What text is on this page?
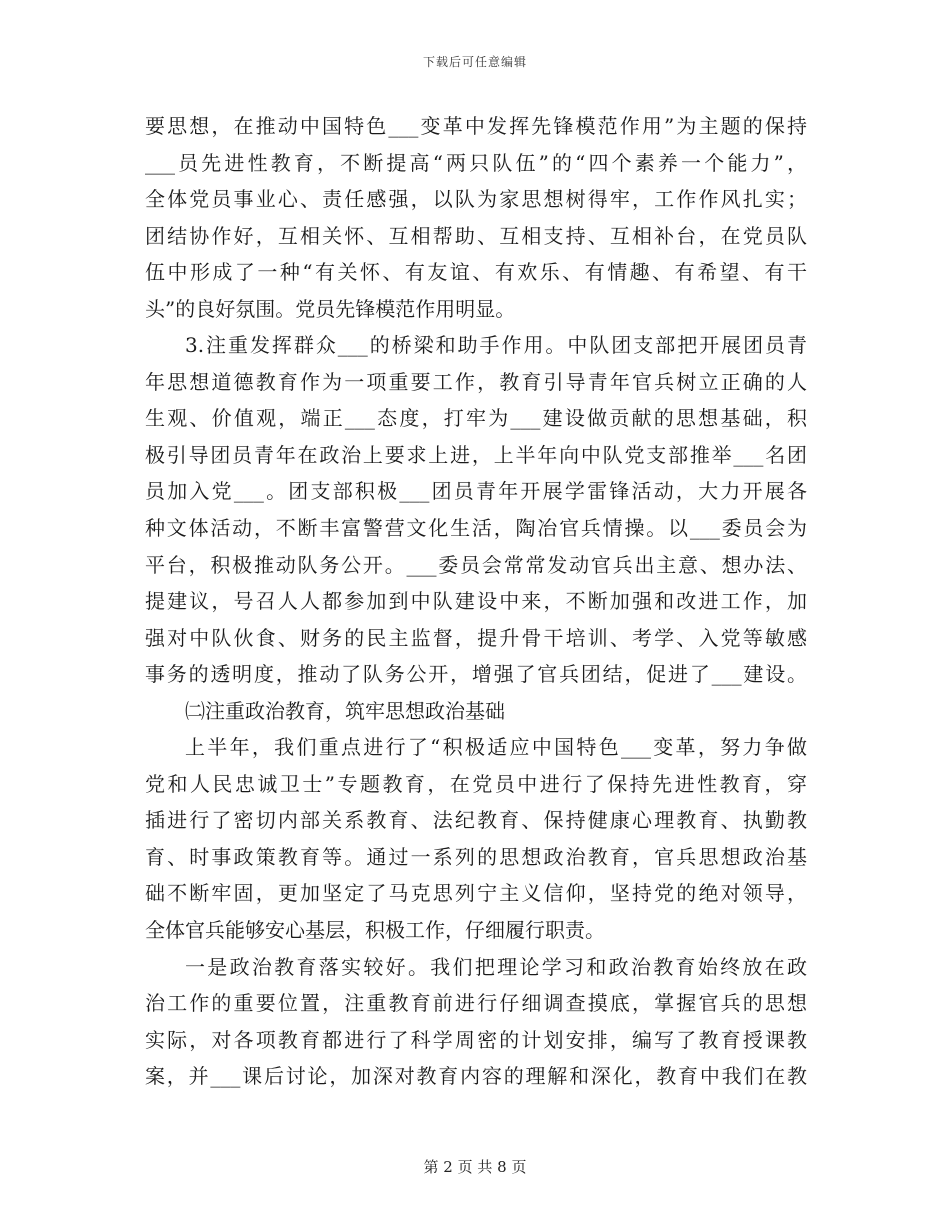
下载后可任意编辑
要思想，在推动中国特色___变革中发挥先锋模范作用”为主题的保持
___员先进性教育，不断提高“两只队伍”的“四个素养一个能力”，
全体党员事业心、责任感强，以队为家思想树得牢，工作作风扎实；
团结协作好，互相关怀、互相帮助、互相支持、互相补台，在党员队
伍中形成了一种“有关怀、有友谊、有欢乐、有情趣、有希望、有干
头”的良好氛围。党员先锋模范作用明显。
3.注重发挥群众___的桥梁和助手作用。中队团支部把开展团员青
年思想道德教育作为一项重要工作，教育引导青年官兵树立正确的人
生观、价值观，端正___态度，打牢为___建设做贡献的思想基础，积
极引导团员青年在政治上要求上进，上半年向中队党支部推举___名团
员加入党___。团支部积极___团员青年开展学雷锋活动，大力开展各
种文体活动，不断丰富警营文化生活，陶冶官兵情操。以___委员会为
平台，积极推动队务公开。___委员会常常发动官兵出主意、想办法、
提建议，号召人人都参加到中队建设中来，不断加强和改进工作，加
强对中队伙食、财务的民主监督，提升骨干培训、考学、入党等敏感
事务的透明度，推动了队务公开，增强了官兵团结，促进了___建设。
㈡注重政治教育，筑牢思想政治基础
上半年，我们重点进行了“积极适应中国特色___变革，努力争做
党和人民忠诚卫士”专题教育，在党员中进行了保持先进性教育，穿
插进行了密切内部关系教育、法纪教育、保持健康心理教育、执勤教
育、时事政策教育等。通过一系列的思想政治教育，官兵思想政治基
础不断牢固，更加坚定了马克思列宁主义信仰，坚持党的绝对领导，
全体官兵能够安心基层，积极工作，仔细履行职责。
一是政治教育落实较好。我们把理论学习和政治教育始终放在政
治工作的重要位置，注重教育前进行仔细调查摸底，掌握官兵的思想
实际，对各项教育都进行了科学周密的计划安排，编写了教育授课教
案，并___课后讨论，加深对教育内容的理解和深化，教育中我们在教
第 2 页 共 8 页
